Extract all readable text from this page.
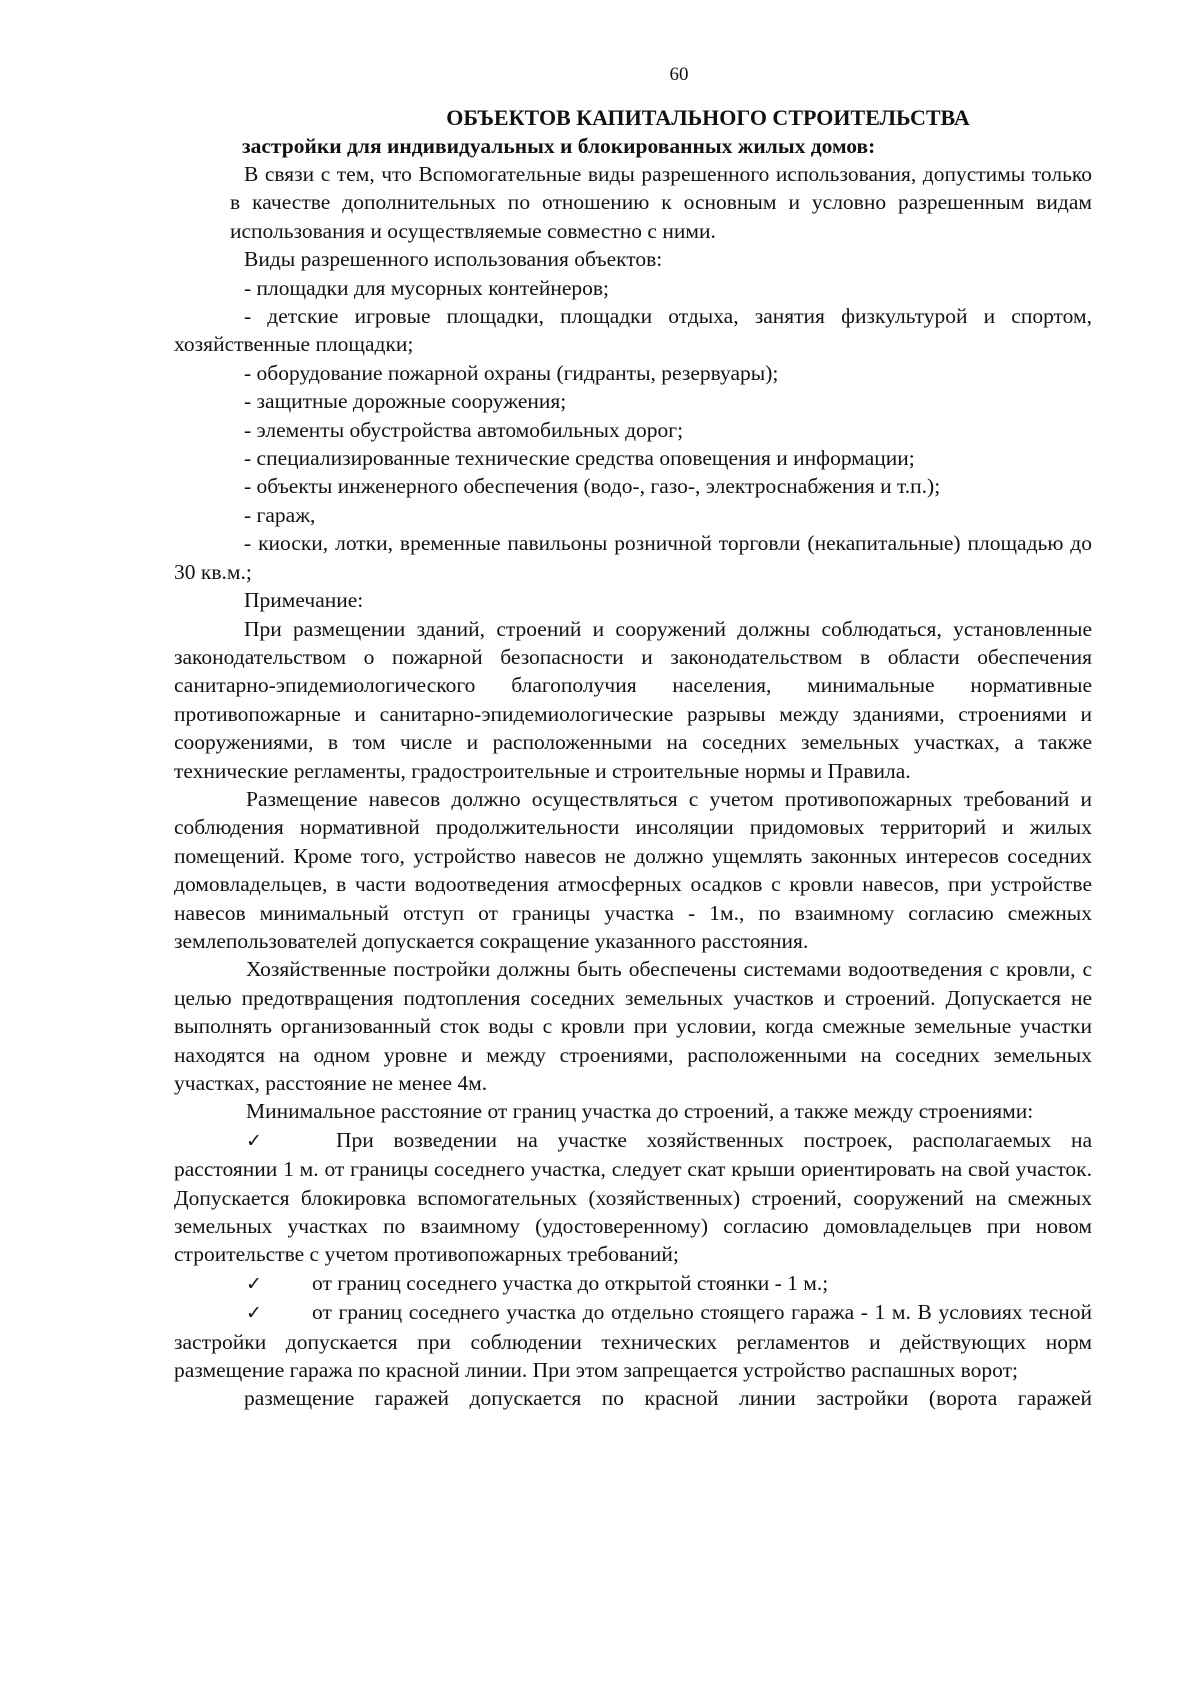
60
ОБЪЕКТОВ КАПИТАЛЬНОГО СТРОИТЕЛЬСТВА
застройки для индивидуальных и блокированных жилых домов:

В связи с тем, что Вспомогательные виды разрешенного использования, допустимы только в качестве дополнительных по отношению к основным и условно разрешенным видам использования и осуществляемые совместно с ними.

Виды разрешенного использования объектов:

- площадки для мусорных контейнеров;

- детские игровые площадки, площадки отдыха, занятия физкультурой и спортом, хозяйственные площадки;

- оборудование пожарной охраны (гидранты, резервуары);

- защитные дорожные сооружения;

- элементы обустройства автомобильных дорог;

- специализированные технические средства оповещения и информации;

- объекты инженерного обеспечения (водо-, газо-, электроснабжения и т.п.);

- гараж,

- киоски, лотки, временные павильоны розничной торговли (некапитальные) площадью до 30 кв.м.;

Примечание:

При размещении зданий, строений и сооружений должны соблюдаться, установленные законодательством о пожарной безопасности и законодательством в области обеспечения санитарно-эпидемиологического благополучия населения, минимальные нормативные противопожарные и санитарно-эпидемиологические разрывы между зданиями, строениями и сооружениями, в том числе и расположенными на соседних земельных участках, а также технические регламенты, градостроительные и строительные нормы и Правила.

Размещение навесов должно осуществляться с учетом противопожарных требований и соблюдения нормативной продолжительности инсоляции придомовых территорий и жилых помещений. Кроме того, устройство навесов не должно ущемлять законных интересов соседних домовладельцев, в части водоотведения атмосферных осадков с кровли навесов, при устройстве навесов минимальный отступ от границы участка - 1м., по взаимному согласию смежных землепользователей допускается сокращение указанного расстояния.

Хозяйственные постройки должны быть обеспечены системами водоотведения с кровли, с целью предотвращения подтопления соседних земельных участков и строений. Допускается не выполнять организованный сток воды с кровли при условии, когда смежные земельные участки находятся на одном уровне и между строениями, расположенными на соседних земельных участках, расстояние не менее 4м.

Минимальное расстояние от границ участка до строений, а также между строениями:

✓	При возведении на участке хозяйственных построек, располагаемых на расстоянии 1 м. от границы соседнего участка, следует скат крыши ориентировать на свой участок. Допускается блокировка вспомогательных (хозяйственных) строений, сооружений на смежных земельных участках по взаимному (удостоверенному) согласию домовладельцев при новом строительстве с учетом противопожарных требований;

✓ от границ соседнего участка до открытой стоянки - 1 м.;

✓ от границ соседнего участка до отдельно стоящего гаража - 1 м. В условиях тесной застройки допускается при соблюдении технических регламентов и действующих норм размещение гаража по красной линии. При этом запрещается устройство распашных ворот;

размещение гаражей допускается по красной линии застройки (ворота гаражей
